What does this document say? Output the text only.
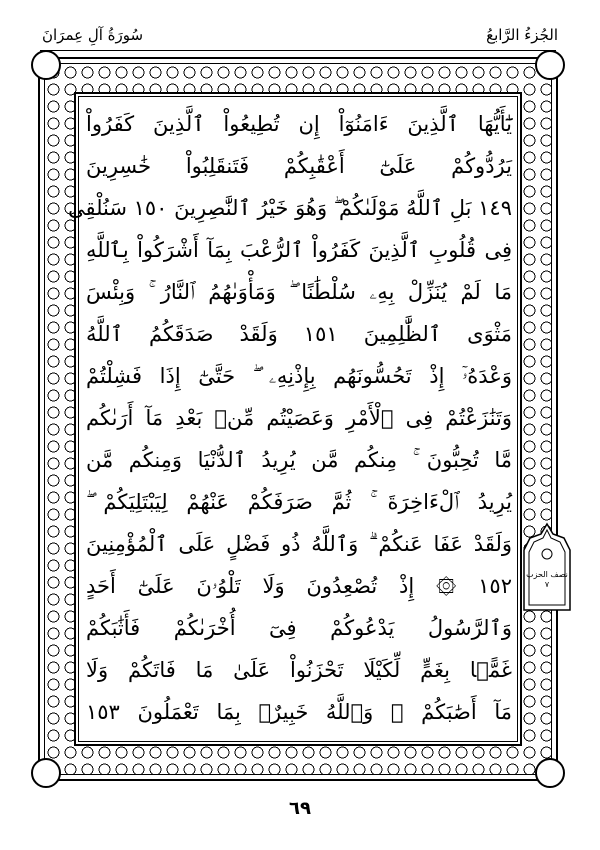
الجُزءُ الرَّابعُ
سُورَةُ آلِ عِمرَانَ
يَٰٓأَيُّهَا ٱلَّذِينَ ءَامَنُوٓاْ إِن تُطِيعُواْ ٱلَّذِينَ كَفَرُواْ
يَرُدُّوكُمْ عَلَىٰٓ أَعْقَٰبِكُمْ فَتَنقَلِبُواْ خَٰسِرِينَ
١٤٩ بَلِ ٱللَّهُ مَوْلَىٰكُمْ ۖ وَهُوَ خَيْرُ ٱلنَّٰصِرِينَ ١٥٠ سَنُلْقِى
فِى قُلُوبِ ٱلَّذِينَ كَفَرُواْ ٱلرُّعْبَ بِمَآ أَشْرَكُواْ بِٱللَّهِ
مَا لَمْ يُنَزِّلْ بِهِۦ سُلْطَٰنًا ۖ وَمَأْوَىٰهُمُ ٱلنَّارُ ۚ وَبِئْسَ
مَثْوَى ٱلظَّٰلِمِينَ ١٥١ وَلَقَدْ صَدَقَكُمُ ٱللَّهُ
وَعْدَهُۥٓ إِذْ تَحُسُّونَهُم بِإِذْنِهِۦ ۖ حَتَّىٰٓ إِذَا فَشِلْتُمْ
وَتَنَٰزَعْتُمْ فِى ٱلْأَمْرِ وَعَصَيْتُم مِّنۢ بَعْدِ مَآ أَرَىٰكُم
مَّا تُحِبُّونَ ۚ مِنكُم مَّن يُرِيدُ ٱلدُّنْيَا وَمِنكُم مَّن
يُرِيدُ ٱلْءَاخِرَةَ ۚ ثُمَّ صَرَفَكُمْ عَنْهُمْ لِيَبْتَلِيَكُمْ ۖ
وَلَقَدْ عَفَا عَنكُمْ ۗ وَٱللَّهُ ذُو فَضْلٍ عَلَى ٱلْمُؤْمِنِينَ
١٥٢ ۞ إِذْ تُصْعِدُونَ وَلَا تَلْوُۥنَ عَلَىٰٓ أَحَدٍ
وَٱلرَّسُولُ يَدْعُوكُمْ فِىٓ أُخْرَىٰكُمْ فَأَثَٰبَكُمْ
غَمًّۢا بِغَمٍّ لِّكَيْلَا تَحْزَنُواْ عَلَىٰ مَا فَاتَكُمْ وَلَا
مَآ أَصَٰبَكُمْ ۗ وَٱللَّهُ خَبِيرٌۢ بِمَا تَعْمَلُونَ ١٥٣
نصف الحزب
٧
٦٩
